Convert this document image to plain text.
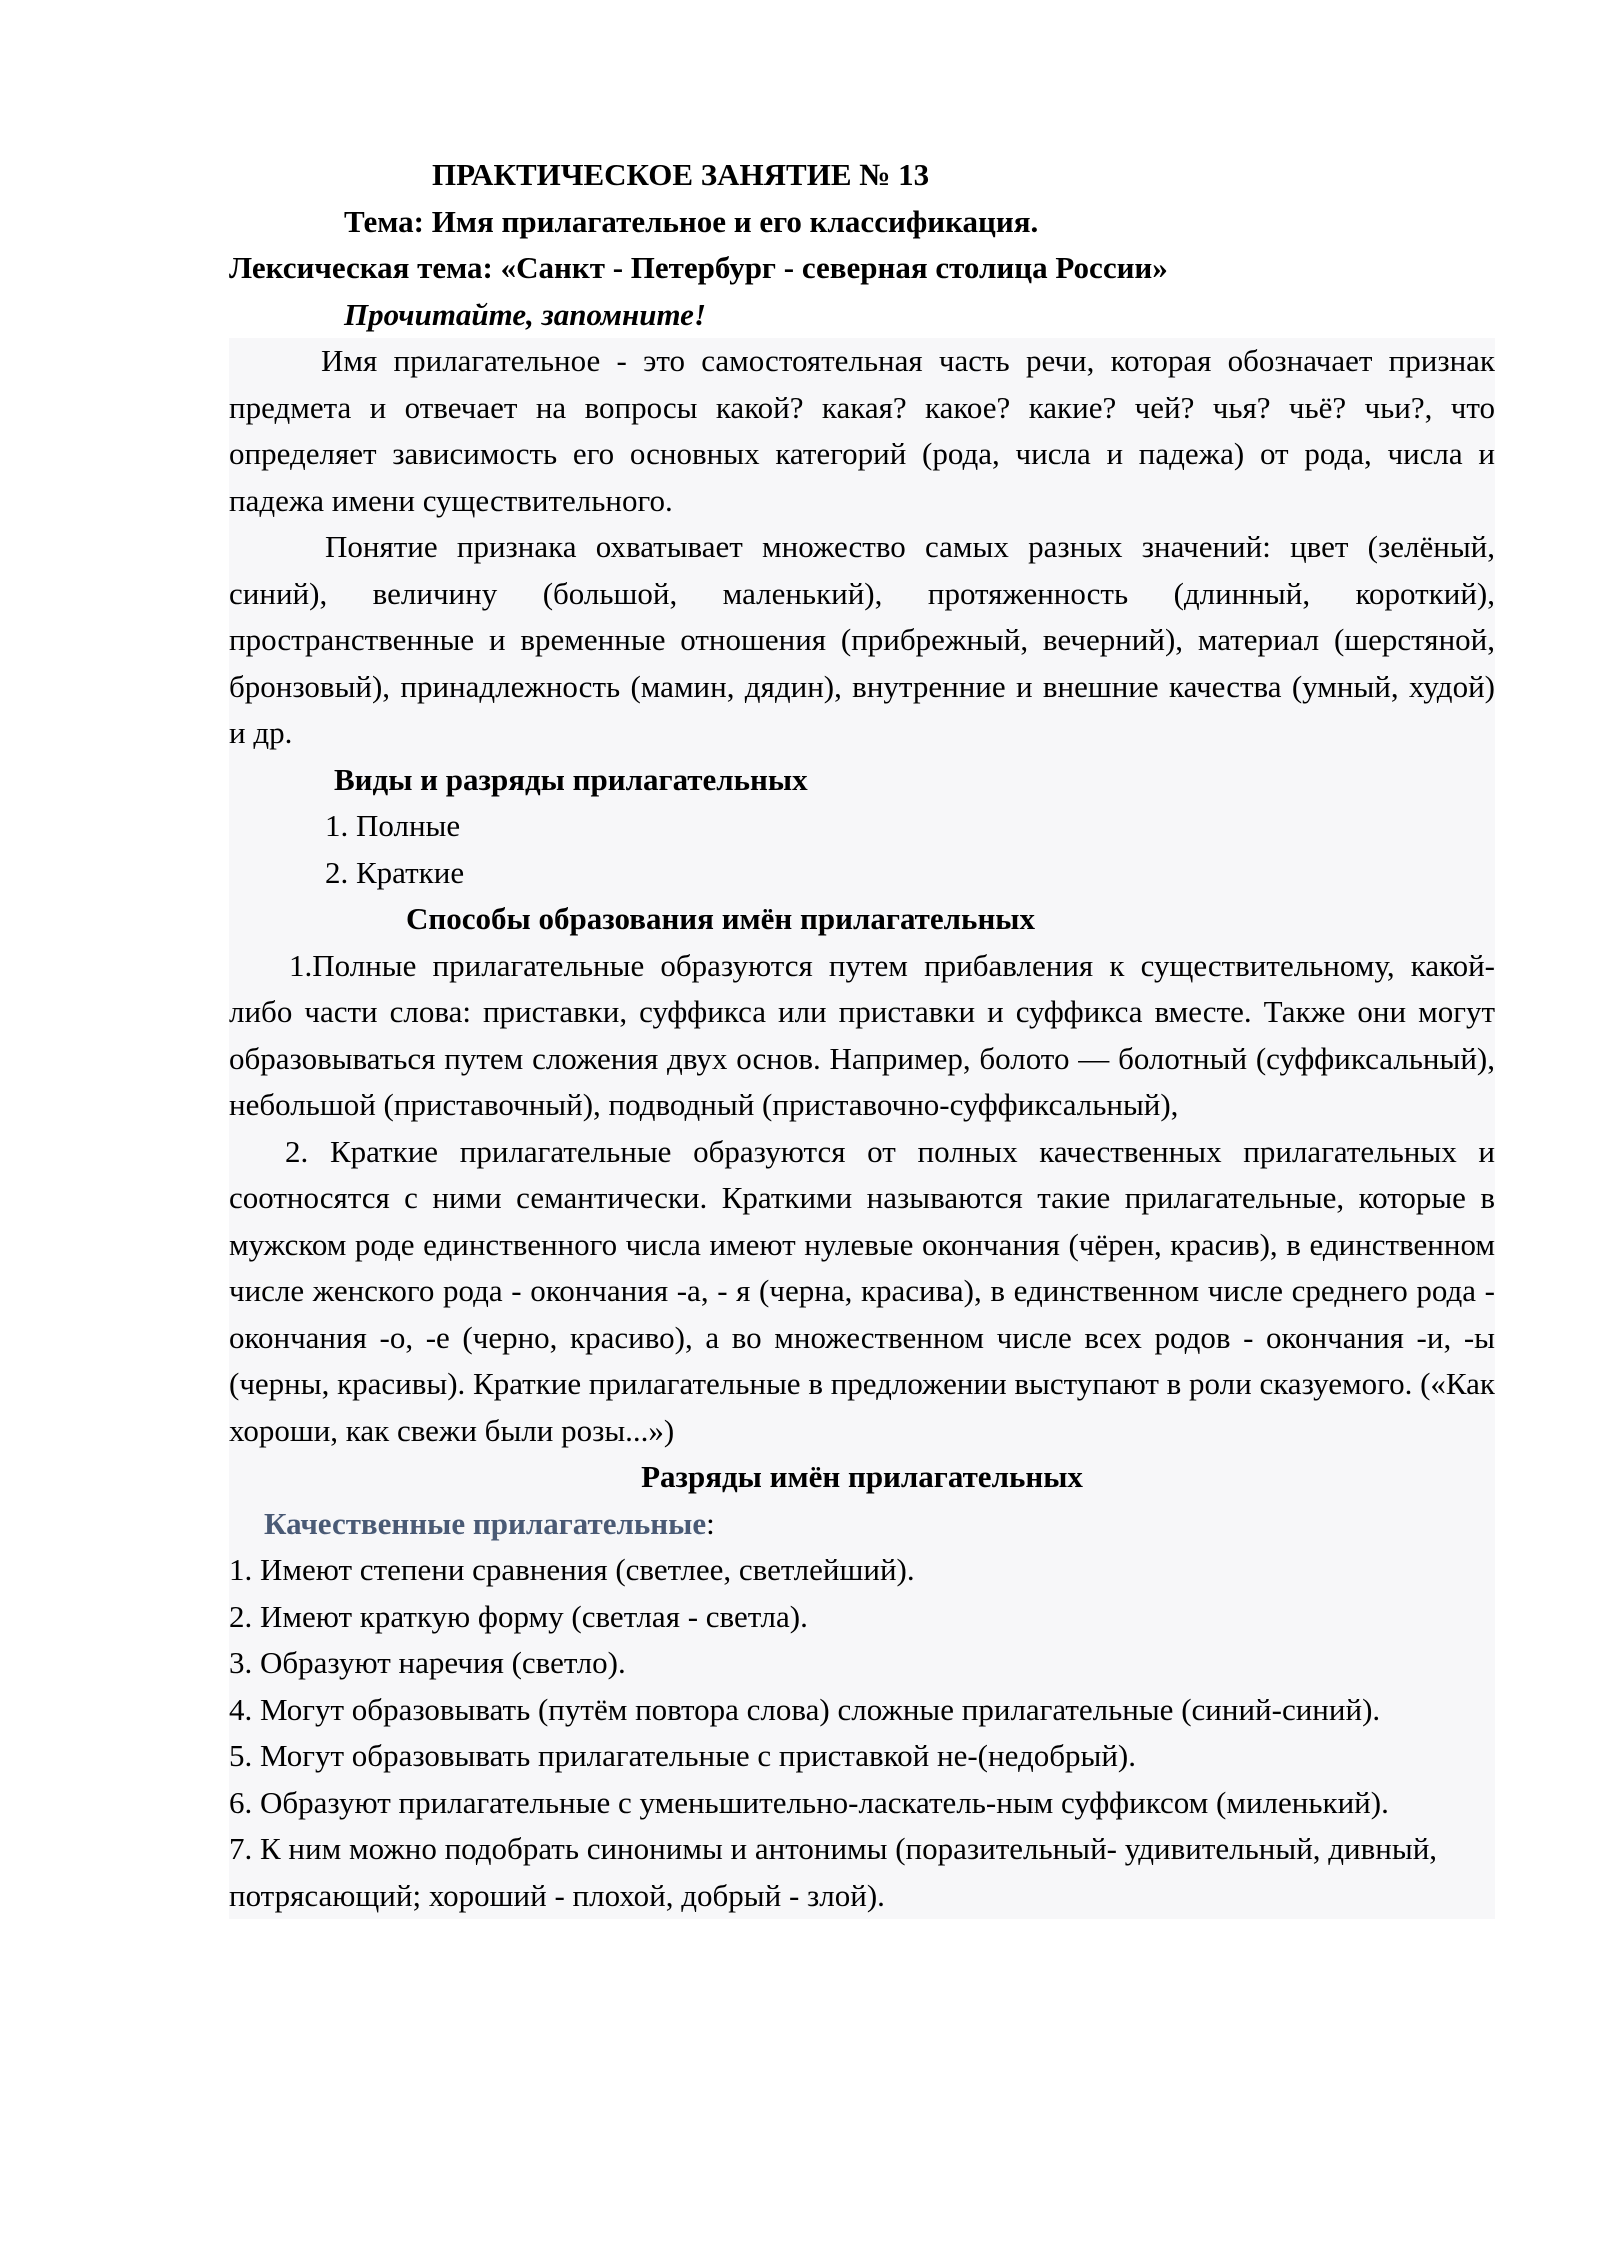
ПРАКТИЧЕСКОЕ ЗАНЯТИЕ № 13
Тема: Имя прилагательное и его классификация.
Лексическая тема: «Санкт - Петербург - северная столица России»
Прочитайте, запомните!

Имя прилагательное - это самостоятельная часть речи, которая обозначает признак предмета и отвечает на вопросы какой? какая? какое? какие? чей? чья? чьё? чьи?, что определяет зависимость его основных категорий (рода, числа и падежа) от рода, числа и падежа имени существительного.

Понятие признака охватывает множество самых разных значений: цвет (зелёный, синий), величину (большой, маленький), протяженность (длинный, короткий), пространственные и временные отношения (прибрежный, вечерний), материал (шерстяной, бронзовый), принадлежность (мамин, дядин), внутренние и внешние качества (умный, худой) и др.

Виды и разряды прилагательных
1. Полные
2. Краткие
Способы образования имён прилагательных

1.Полные прилагательные образуются путем прибавления к существительному, какой-либо части слова: приставки, суффикса или приставки и суффикса вместе. Также они могут образовываться путем сложения двух основ. Например, болото — болотный (суффиксальный), небольшой (приставочный), подводный (приставочно-суффиксальный),

2. Краткие прилагательные образуются от полных качественных прилагательных и соотносятся с ними семантически. Краткими называются такие прилагательные, которые в мужском роде единственного числа имеют нулевые окончания (чёрен, красив), в единственном числе женского рода - окончания -а, - я (черна, красива), в единственном числе среднего рода - окончания -о, -е (черно, красиво), а во множественном числе всех родов - окончания -и, -ы (черны, красивы). Краткие прилагательные в предложении выступают в роли сказуемого. («Как хороши, как свежи были розы...»)

Разряды имён прилагательных
Качественные прилагательные:

1. Имеют степени сравнения (светлее, светлейший).

2. Имеют краткую форму (светлая - светла).

3. Образуют наречия (светло).

4. Могут образовывать (путём повтора слова) сложные прилагательные (синий-синий).

5. Могут образовывать прилагательные с приставкой не-(недобрый).

6. Образуют прилагательные с уменьшительно-ласкатель-ным суффиксом (миленький).

7. К ним можно подобрать синонимы и антонимы (поразительный- удивительный, дивный, потрясающий; хороший - плохой, добрый - злой).
